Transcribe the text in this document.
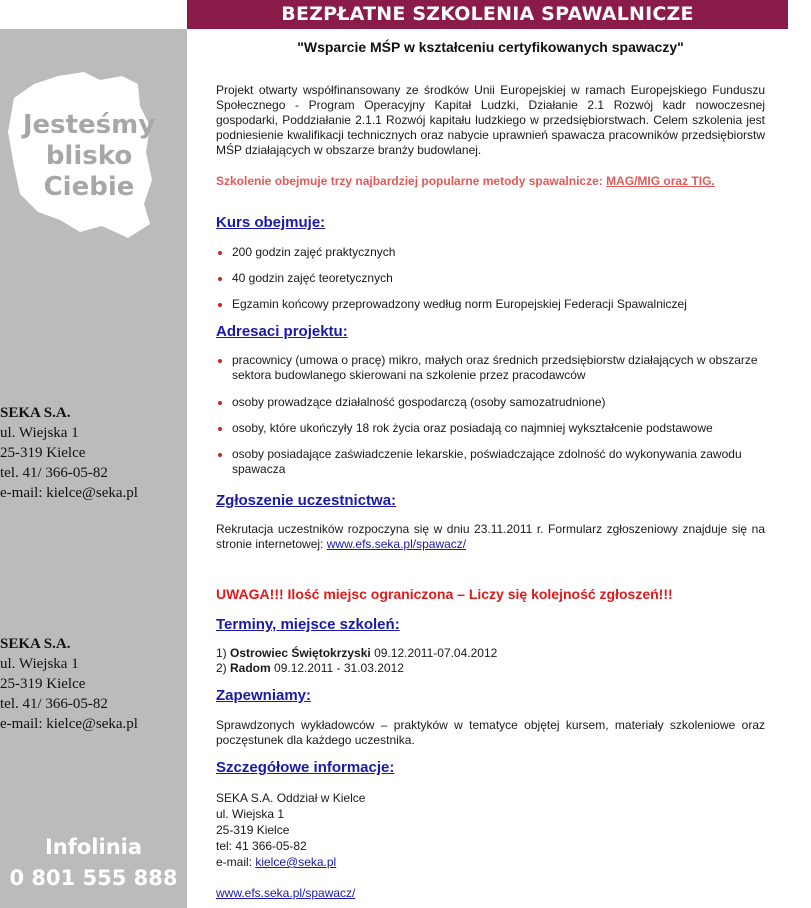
BEZPŁATNE SZKOLENIA SPAWALNICZE
Jesteśmy
blisko
Ciebie
SEKA S.A.
ul. Wiejska 1
25-319 Kielce
tel. 41/ 366-05-82
e-mail: kielce@seka.pl
SEKA S.A.
ul. Wiejska 1
25-319 Kielce
tel. 41/ 366-05-82
e-mail: kielce@seka.pl
Infolinia
0 801 555 888
"Wsparcie MŚP w kształceniu certyfikowanych spawaczy"
Projekt otwarty współfinansowany ze środków Unii Europejskiej w ramach Europejskiego Funduszu Społecznego - Program Operacyjny Kapitał Ludzki, Działanie 2.1 Rozwój kadr nowoczesnej gospodarki, Poddziałanie 2.1.1 Rozwój kapitału ludzkiego w przedsiębiorstwach. Celem szkolenia jest podniesienie kwalifikacji technicznych oraz nabycie uprawnień spawacza pracowników przedsiębiorstw MŚP działających w obszarze branży budowlanej.
Szkolenie obejmuje trzy najbardziej popularne metody spawalnicze: MAG/MIG oraz TIG.
Kurs obejmuje:
200 godzin zajęć praktycznych
40 godzin zajęć teoretycznych
Egzamin końcowy przeprowadzony według norm Europejskiej Federacji Spawalniczej
Adresaci projektu:
pracownicy (umowa o pracę) mikro, małych oraz średnich przedsiębiorstw działających w obszarze sektora budowlanego skierowani na szkolenie przez pracodawców
osoby prowadzące działalność gospodarczą (osoby samozatrudnione)
osoby, które ukończyły 18 rok życia oraz posiadają co najmniej wykształcenie podstawowe
osoby posiadające zaświadczenie lekarskie, poświadczające zdolność do wykonywania zawodu spawacza
Zgłoszenie uczestnictwa:
Rekrutacja uczestników rozpoczyna się w dniu 23.11.2011 r. Formularz zgłoszeniowy znajduje się na stronie internetowej: www.efs.seka.pl/spawacz/
UWAGA!!! Ilość miejsc ograniczona – Liczy się kolejność zgłoszeń!!!
Terminy, miejsce szkoleń:
1) Ostrowiec Świętokrzyski 09.12.2011-07.04.2012
2) Radom 09.12.2011 - 31.03.2012
Zapewniamy:
Sprawdzonych wykładowców – praktyków w tematyce objętej kursem, materiały szkoleniowe oraz poczęstunek dla każdego uczestnika.
Szczegółowe informacje:
SEKA S.A. Oddział w Kielce
ul. Wiejska 1
25-319 Kielce
tel: 41 366-05-82
e-mail: kielce@seka.pl
www.efs.seka.pl/spawacz/
